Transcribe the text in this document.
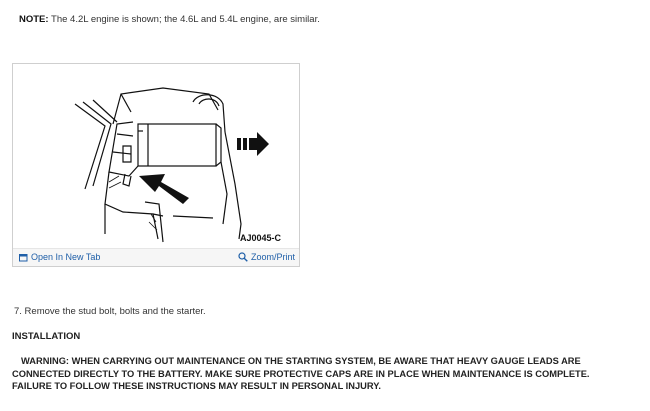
NOTE: The 4.2L engine is shown; the 4.6L and 5.4L engine, are similar.
AJ0045-C
Open In New Tab	Zoom/Print
7. Remove the stud bolt, bolts and the starter.
INSTALLATION
WARNING: WHEN CARRYING OUT MAINTENANCE ON THE STARTING SYSTEM, BE AWARE THAT HEAVY GAUGE LEADS ARE CONNECTED DIRECTLY TO THE BATTERY. MAKE SURE PROTECTIVE CAPS ARE IN PLACE WHEN MAINTENANCE IS COMPLETE. FAILURE TO FOLLOW THESE INSTRUCTIONS MAY RESULT IN PERSONAL INJURY.
